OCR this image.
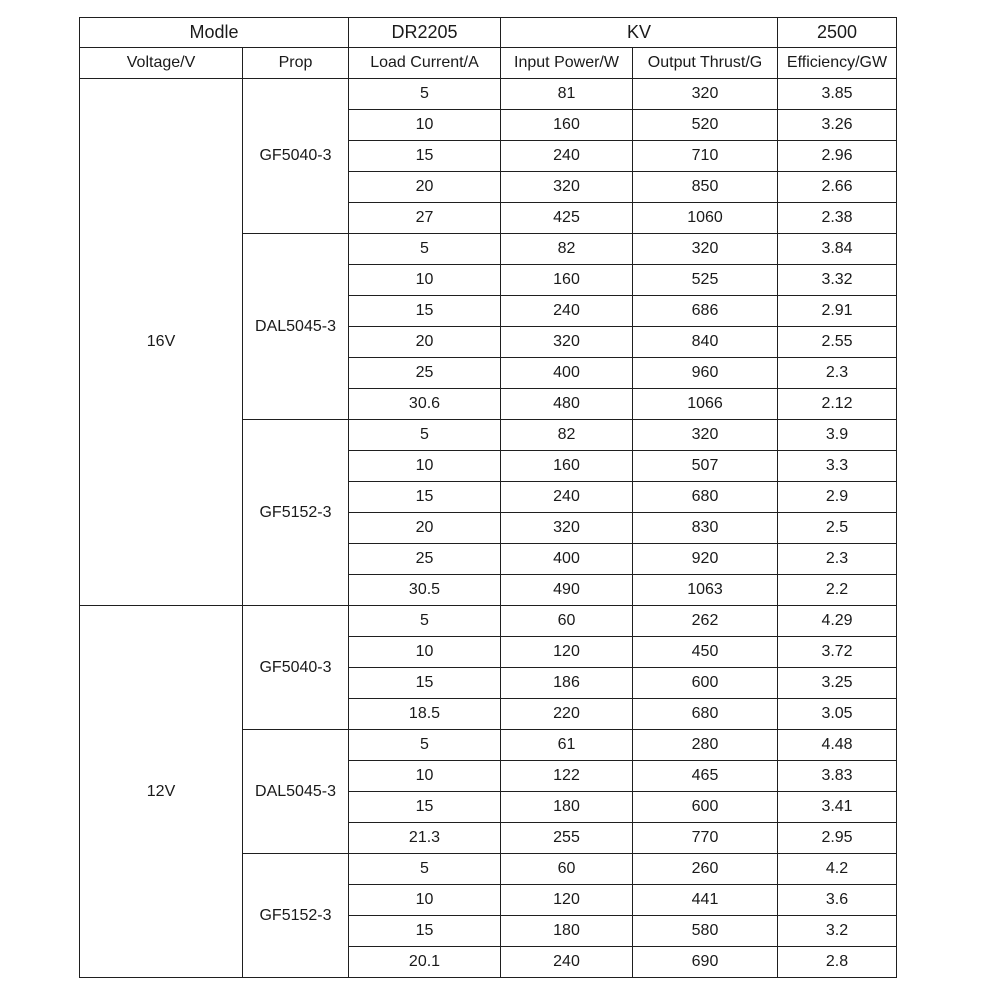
Modle		DR2205	KV		2500
Voltage/V	Prop	Load Current/A	Input Power/W	Output Thrust/G	Efficiency/GW
16V	GF5040-3	5	81	320	3.85
		10	160	520	3.26
		15	240	710	2.96
		20	320	850	2.66
		27	425	1060	2.38
	DAL5045-3	5	82	320	3.84
		10	160	525	3.32
		15	240	686	2.91
		20	320	840	2.55
		25	400	960	2.3
		30.6	480	1066	2.12
	GF5152-3	5	82	320	3.9
		10	160	507	3.3
		15	240	680	2.9
		20	320	830	2.5
		25	400	920	2.3
		30.5	490	1063	2.2
12V	GF5040-3	5	60	262	4.29
		10	120	450	3.72
		15	186	600	3.25
		18.5	220	680	3.05
	DAL5045-3	5	61	280	4.48
		10	122	465	3.83
		15	180	600	3.41
		21.3	255	770	2.95
	GF5152-3	5	60	260	4.2
		10	120	441	3.6
		15	180	580	3.2
		20.1	240	690	2.8
